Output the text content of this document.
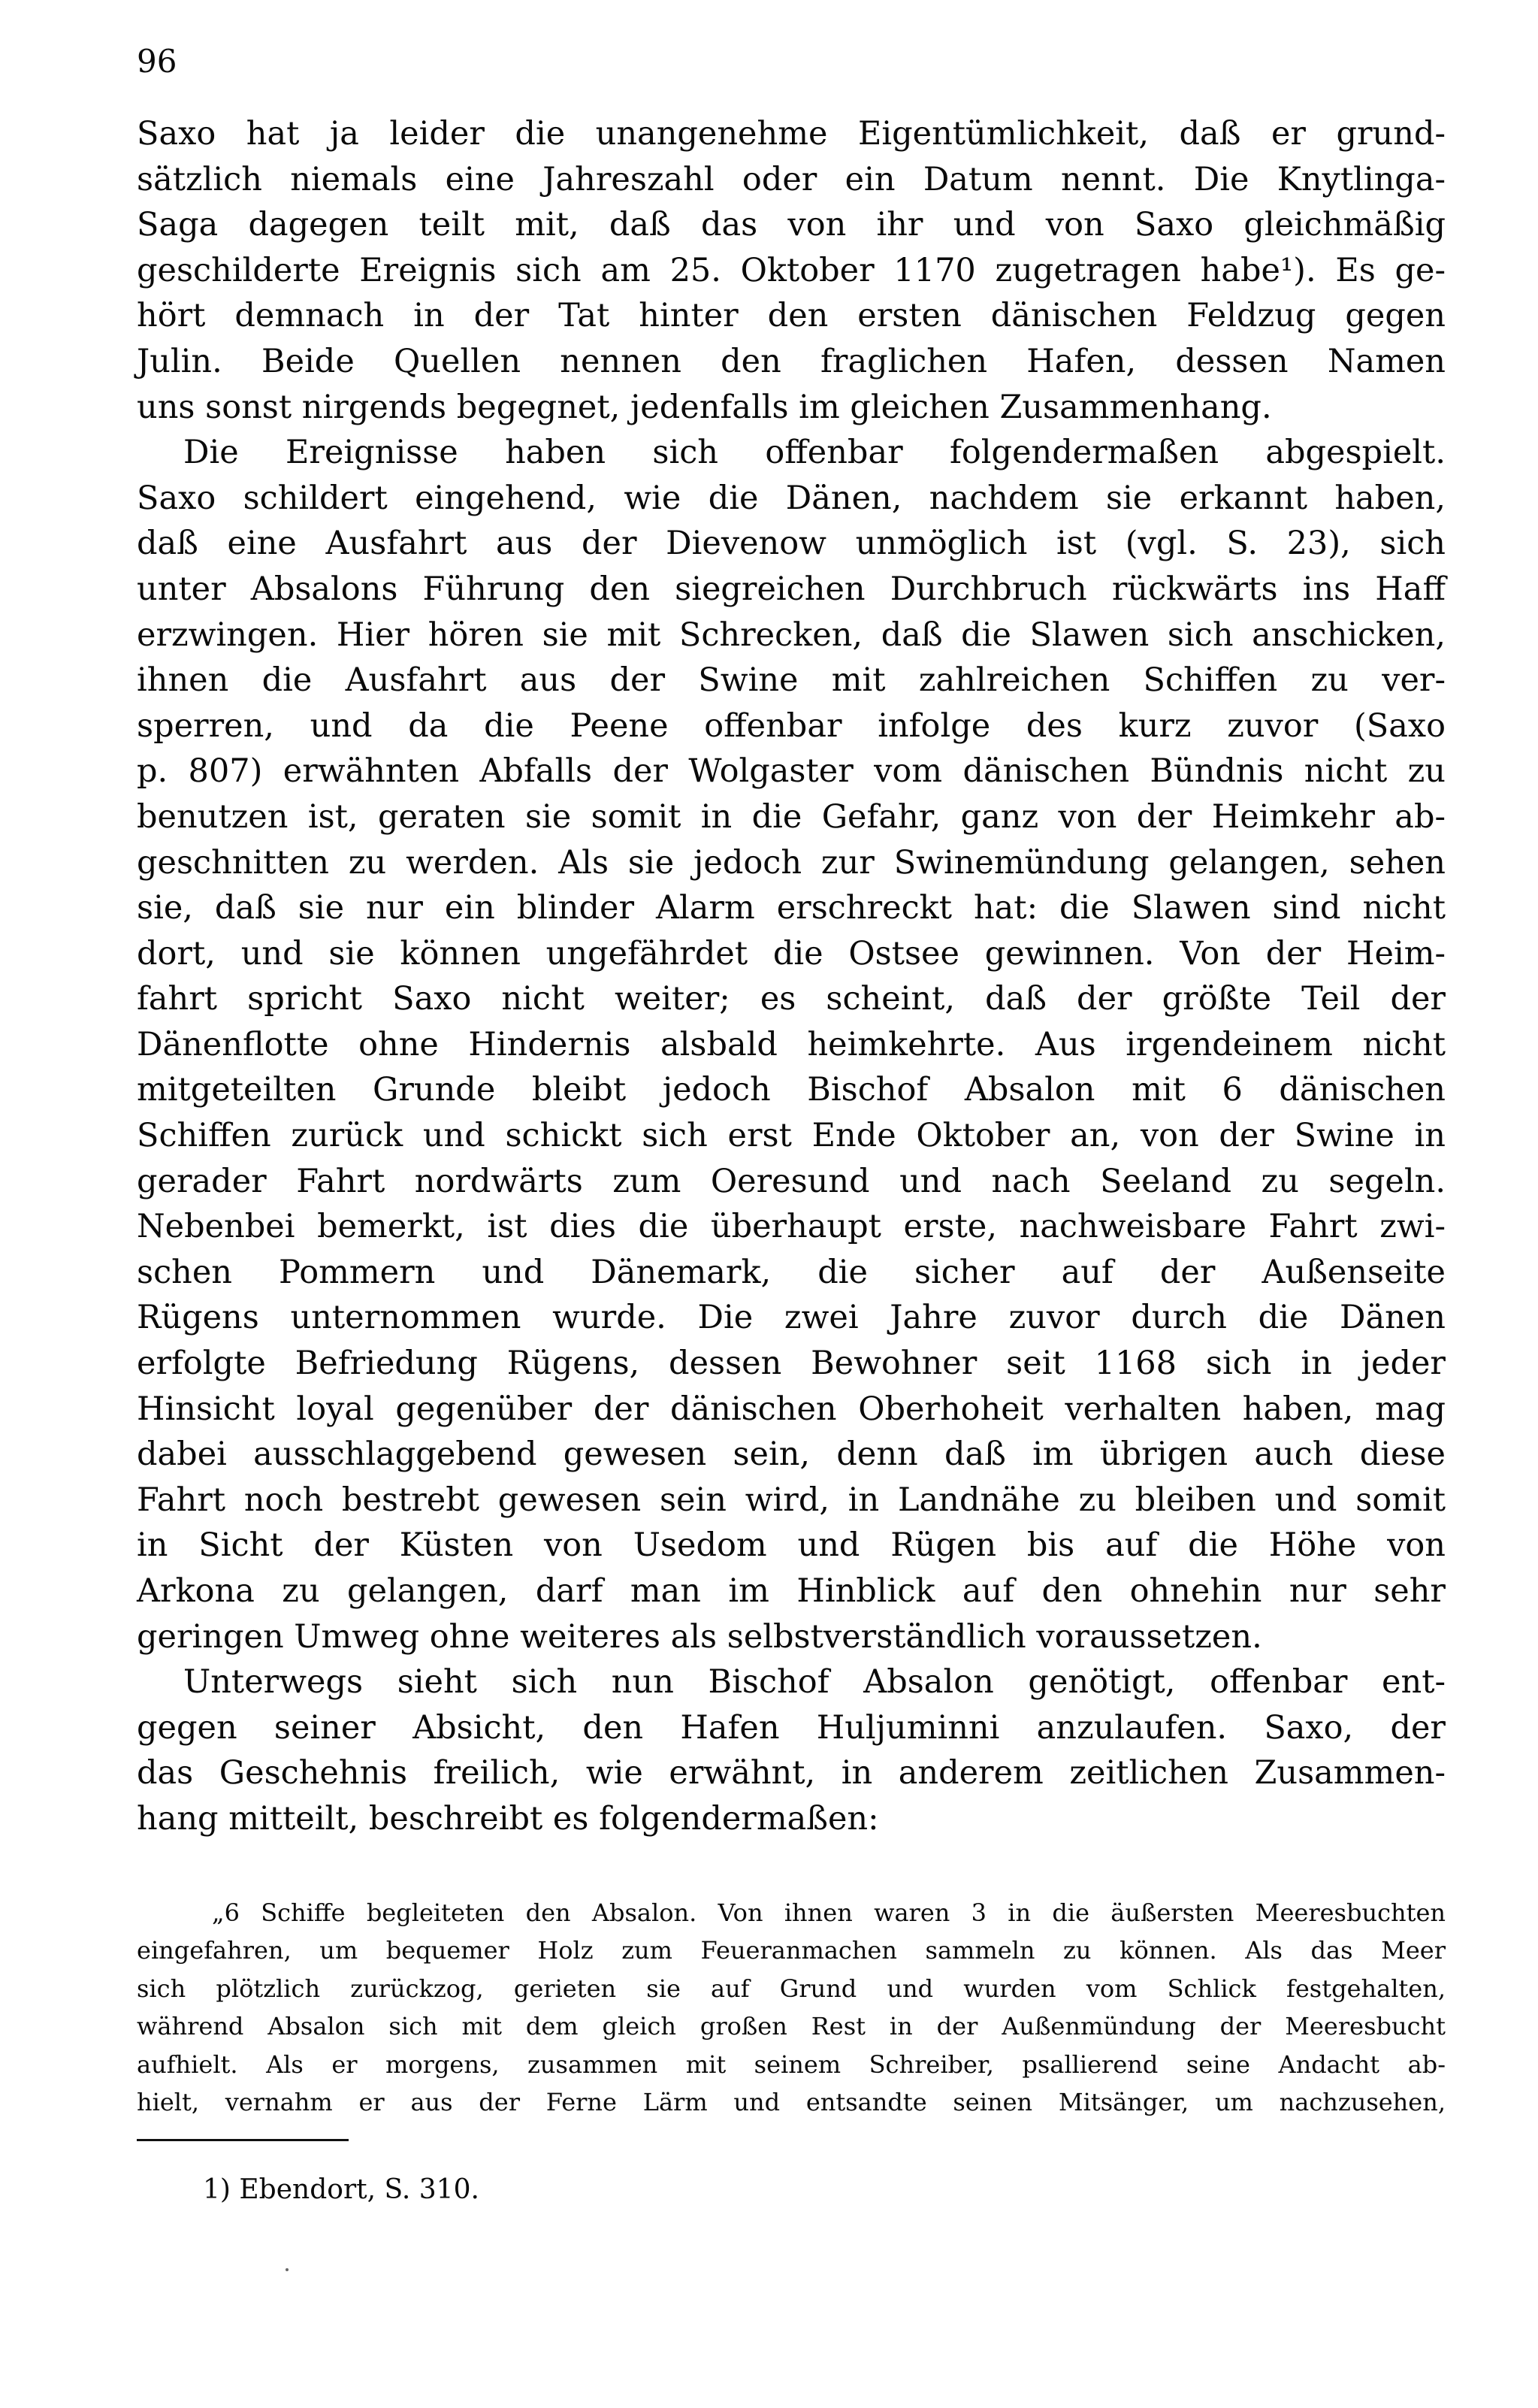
96
Saxo hat ja leider die unangenehme Eigentümlichkeit, daß er grund-
sätzlich niemals eine Jahreszahl oder ein Datum nennt. Die Knytlinga-
Saga dagegen teilt mit, daß das von ihr und von Saxo gleichmäßig
geschilderte Ereignis sich am 25. Oktober 1170 zugetragen habe¹). Es ge-
hört demnach in der Tat hinter den ersten dänischen Feldzug gegen
Julin. Beide Quellen nennen den fraglichen Hafen, dessen Namen
uns sonst nirgends begegnet, jedenfalls im gleichen Zusammenhang.
Die Ereignisse haben sich offenbar folgendermaßen abgespielt.
Saxo schildert eingehend, wie die Dänen, nachdem sie erkannt haben,
daß eine Ausfahrt aus der Dievenow unmöglich ist (vgl. S. 23), sich
unter Absalons Führung den siegreichen Durchbruch rückwärts ins Haff
erzwingen. Hier hören sie mit Schrecken, daß die Slawen sich anschicken,
ihnen die Ausfahrt aus der Swine mit zahlreichen Schiffen zu ver-
sperren, und da die Peene offenbar infolge des kurz zuvor (Saxo
p. 807) erwähnten Abfalls der Wolgaster vom dänischen Bündnis nicht zu
benutzen ist, geraten sie somit in die Gefahr, ganz von der Heimkehr ab-
geschnitten zu werden. Als sie jedoch zur Swinemündung gelangen, sehen
sie, daß sie nur ein blinder Alarm erschreckt hat: die Slawen sind nicht
dort, und sie können ungefährdet die Ostsee gewinnen. Von der Heim-
fahrt spricht Saxo nicht weiter; es scheint, daß der größte Teil der
Dänenflotte ohne Hindernis alsbald heimkehrte. Aus irgendeinem nicht
mitgeteilten Grunde bleibt jedoch Bischof Absalon mit 6 dänischen
Schiffen zurück und schickt sich erst Ende Oktober an, von der Swine in
gerader Fahrt nordwärts zum Oeresund und nach Seeland zu segeln.
Nebenbei bemerkt, ist dies die überhaupt erste, nachweisbare Fahrt zwi-
schen Pommern und Dänemark, die sicher auf der Außenseite
Rügens unternommen wurde. Die zwei Jahre zuvor durch die Dänen
erfolgte Befriedung Rügens, dessen Bewohner seit 1168 sich in jeder
Hinsicht loyal gegenüber der dänischen Oberhoheit verhalten haben, mag
dabei ausschlaggebend gewesen sein, denn daß im übrigen auch diese
Fahrt noch bestrebt gewesen sein wird, in Landnähe zu bleiben und somit
in Sicht der Küsten von Usedom und Rügen bis auf die Höhe von
Arkona zu gelangen, darf man im Hinblick auf den ohnehin nur sehr
geringen Umweg ohne weiteres als selbstverständlich voraussetzen.
Unterwegs sieht sich nun Bischof Absalon genötigt, offenbar ent-
gegen seiner Absicht, den Hafen Huljuminni anzulaufen. Saxo, der
das Geschehnis freilich, wie erwähnt, in anderem zeitlichen Zusammen-
hang mitteilt, beschreibt es folgendermaßen:
„6 Schiffe begleiteten den Absalon. Von ihnen waren 3 in die äußersten Meeresbuchten
eingefahren, um bequemer Holz zum Feueranmachen sammeln zu können. Als das Meer
sich plötzlich zurückzog, gerieten sie auf Grund und wurden vom Schlick festgehalten,
während Absalon sich mit dem gleich großen Rest in der Außenmündung der Meeresbucht
aufhielt. Als er morgens, zusammen mit seinem Schreiber, psallierend seine Andacht ab-
hielt, vernahm er aus der Ferne Lärm und entsandte seinen Mitsänger, um nachzusehen,
1) Ebendort, S. 310.
